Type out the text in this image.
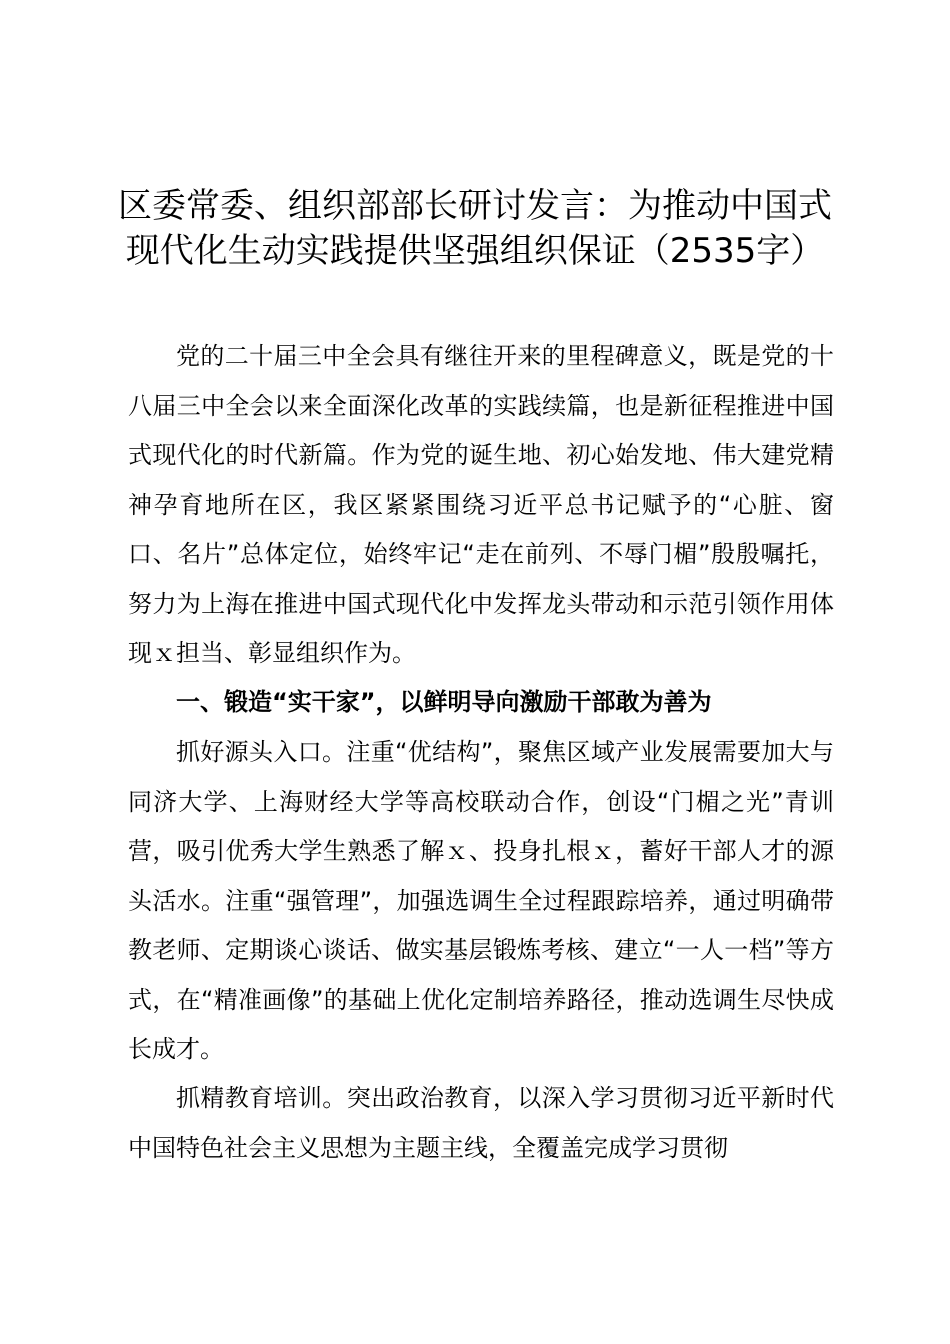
区委常委、组织部部长研讨发言：为推动中国式现代化生动实践提供坚强组织保证（2535字）

党的二十届三中全会具有继往开来的里程碑意义，既是党的十八届三中全会以来全面深化改革的实践续篇，也是新征程推进中国式现代化的时代新篇。作为党的诞生地、初心始发地、伟大建党精神孕育地所在区，我区紧紧围绕习近平总书记赋予的“心脏、窗口、名片”总体定位，始终牢记“走在前列、不辱门楣”殷殷嘱托，努力为上海在推进中国式现代化中发挥龙头带动和示范引领作用体现ｘ担当、彰显组织作为。

一、锻造“实干家”，以鲜明导向激励干部敢为善为

抓好源头入口。注重“优结构”，聚焦区域产业发展需要加大与同济大学、上海财经大学等高校联动合作，创设“门楣之光”青训营，吸引优秀大学生熟悉了解ｘ、投身扎根ｘ，蓄好干部人才的源头活水。注重“强管理”，加强选调生全过程跟踪培养，通过明确带教老师、定期谈心谈话、做实基层锻炼考核、建立“一人一档”等方式，在“精准画像”的基础上优化定制培养路径，推动选调生尽快成长成才。

抓精教育培训。突出政治教育，以深入学习贯彻习近平新时代中国特色社会主义思想为主题主线，全覆盖完成学习贯彻
